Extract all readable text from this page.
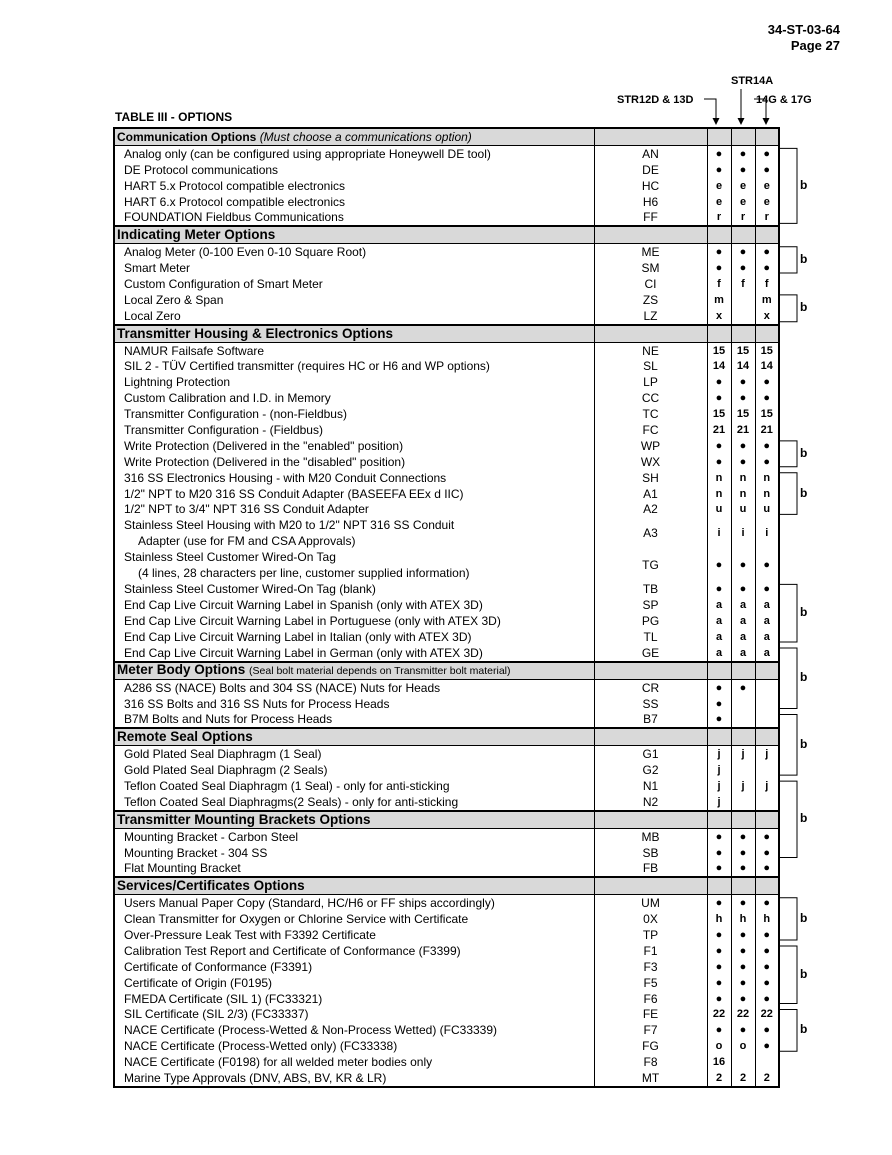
34-ST-03-64
Page 27
STR12D & 13D
STR14A
14G & 17G
TABLE III - OPTIONS
Communication Options (Must choose a communications option)				
Analog only (can be configured using appropriate Honeywell DE tool)	AN	●	●	●
DE Protocol communications	DE	●	●	●
HART 5.x Protocol compatible electronics	HC	e	e	e
HART 6.x Protocol compatible electronics	H6	e	e	e
FOUNDATION Fieldbus Communications	FF	r	r	r
Indicating Meter Options				
Analog Meter (0-100 Even 0-10 Square Root)	ME	●	●	●
Smart Meter	SM	●	●	●
Custom Configuration of Smart Meter	CI	f	f	f
Local Zero & Span	ZS	m		m
Local Zero	LZ	x		x
Transmitter Housing & Electronics Options				
NAMUR Failsafe Software	NE	15	15	15
SIL 2 - TÜV Certified transmitter (requires HC or H6 and WP options)	SL	14	14	14
Lightning Protection	LP	●	●	●
Custom Calibration and I.D. in Memory	CC	●	●	●
Transmitter Configuration - (non-Fieldbus)	TC	15	15	15
Transmitter Configuration - (Fieldbus)	FC	21	21	21
Write Protection (Delivered in the "enabled" position)	WP	●	●	●
Write Protection (Delivered in the "disabled" position)	WX	●	●	●
316 SS Electronics Housing - with M20 Conduit Connections	SH	n	n	n
1/2" NPT to M20 316 SS Conduit Adapter (BASEEFA EEx d IIC)	A1	n	n	n
1/2" NPT to 3/4" NPT 316 SS Conduit Adapter	A2	u	u	u
Stainless Steel Housing with M20 to 1/2" NPT 316 SS Conduit
Adapter (use for FM and CSA Approvals)	A3	i	i	i
Stainless Steel Customer Wired-On Tag
(4 lines, 28 characters per line, customer supplied information)	TG	●	●	●
Stainless Steel Customer Wired-On Tag (blank)	TB	●	●	●
End Cap Live Circuit Warning Label in Spanish (only with ATEX 3D)	SP	a	a	a
End Cap Live Circuit Warning Label in Portuguese (only with ATEX 3D)	PG	a	a	a
End Cap Live Circuit Warning Label in Italian (only with ATEX 3D)	TL	a	a	a
End Cap Live Circuit Warning Label in German (only with ATEX 3D)	GE	a	a	a
Meter Body Options (Seal bolt material depends on Transmitter bolt material)				
A286 SS (NACE) Bolts and 304 SS (NACE) Nuts for Heads	CR	●	●	
316 SS Bolts and 316 SS Nuts for Process Heads	SS	●		
B7M Bolts and Nuts for Process Heads	B7	●		
Remote Seal Options				
Gold Plated Seal Diaphragm (1 Seal)	G1	j	j	j
Gold Plated Seal Diaphragm (2 Seals)	G2	j		
Teflon Coated Seal Diaphragm (1 Seal) - only for anti-sticking	N1	j	j	j
Teflon Coated Seal Diaphragms(2 Seals) - only for anti-sticking	N2	j		
Transmitter Mounting Brackets Options				
Mounting Bracket - Carbon Steel	MB	●	●	●
Mounting Bracket - 304 SS	SB	●	●	●
Flat Mounting Bracket	FB	●	●	●
Services/Certificates Options				
Users Manual Paper Copy (Standard, HC/H6 or FF ships accordingly)	UM	●	●	●
Clean Transmitter for Oxygen or Chlorine Service with Certificate	0X	h	h	h
Over-Pressure Leak Test with F3392 Certificate	TP	●	●	●
Calibration Test Report and Certificate of Conformance (F3399)	F1	●	●	●
Certificate of Conformance (F3391)	F3	●	●	●
Certificate of Origin (F0195)	F5	●	●	●
FMEDA Certificate (SIL 1) (FC33321)	F6	●	●	●
SIL Certificate (SIL 2/3) (FC33337)	FE	22	22	22
NACE Certificate (Process-Wetted & Non-Process Wetted) (FC33339)	F7	●	●	●
NACE Certificate (Process-Wetted only) (FC33338)	FG	o	o	●
NACE Certificate (F0198) for all welded meter bodies only	F8	16		
Marine Type Approvals (DNV, ABS, BV, KR & LR)	MT	2	2	2
b
b
b
b
b
b
b
b
b
b
b
b
